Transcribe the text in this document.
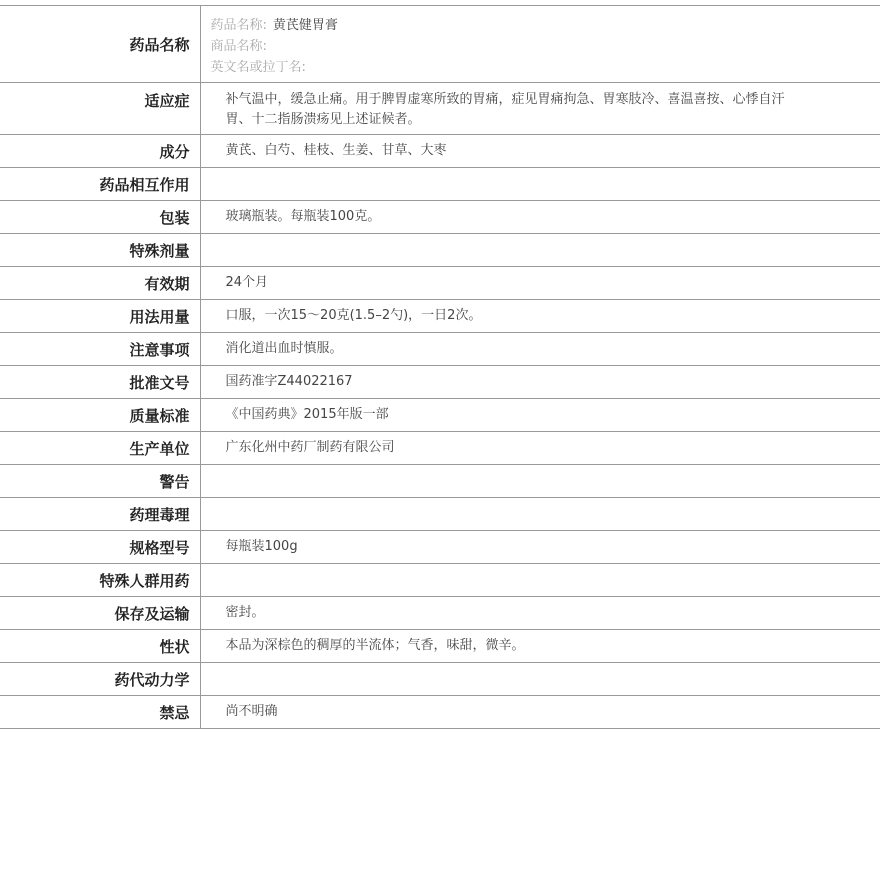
药品名称	药品名称: 黄芪健胃膏
商品名称:
英文名或拉丁名:

适应症	补气温中，缓急止痛。用于脾胃虚寒所致的胃痛，症见胃痛拘急、胃寒肢冷、喜温喜按、心悸自汗胃、十二指肠溃疡见上述证候者。
成分	黄芪、白芍、桂枝、生姜、甘草、大枣
药品相互作用	
包装	玻璃瓶装。每瓶装100克。
特殊剂量	
有效期	24个月
用法用量	口服，一次15～20克(1.5–2勺)，一日2次。
注意事项	消化道出血时慎服。
批准文号	国药准字Z44022167
质量标准	《中国药典》2015年版一部
生产单位	广东化州中药厂制药有限公司
警告	
药理毒理	
规格型号	每瓶装100g
特殊人群用药	
保存及运输	密封。
性状	本品为深棕色的稠厚的半流体；气香，味甜，微辛。
药代动力学	
禁忌	尚不明确
